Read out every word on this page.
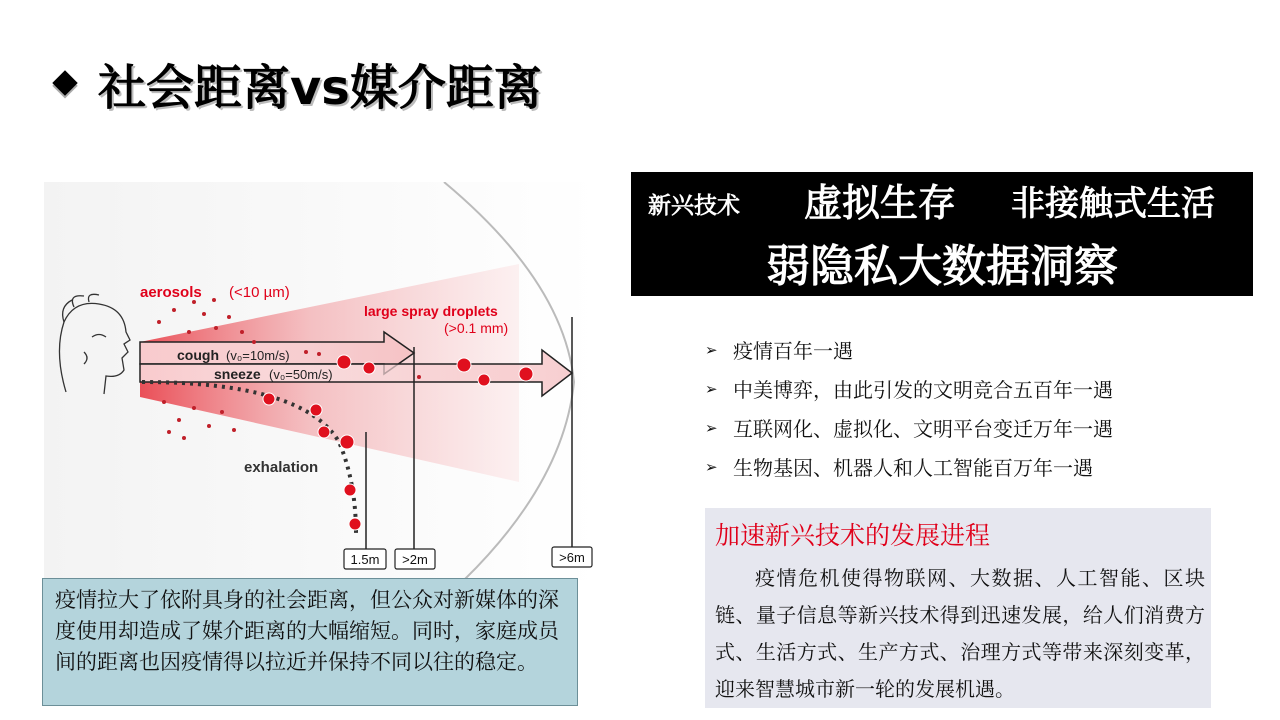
社会距离vs媒介距离
1.5m >2m	>6m
aerosols (<10 µm)
large spray droplets
(>0.1 mm)
cough (v₀=10m/s)
sneeze (v₀=50m/s)
exhalation
疫情拉大了依附具身的社会距离，但公众对新媒体的深度使用却造成了媒介距离的大幅缩短。同时，家庭成员间的距离也因疫情得以拉近并保持不同以往的稳定。
新兴技术 虚拟生存 非接触式生活
弱隐私大数据洞察
➢ 疫情百年一遇
➢ 中美博弈，由此引发的文明竞合五百年一遇
➢ 互联网化、虚拟化、文明平台变迁万年一遇
➢ 生物基因、机器人和人工智能百万年一遇
加速新兴技术的发展进程
疫情危机使得物联网、大数据、人工智能、区块链、量子信息等新兴技术得到迅速发展，给人们消费方式、生活方式、生产方式、治理方式等带来深刻变革，迎来智慧城市新一轮的发展机遇。
